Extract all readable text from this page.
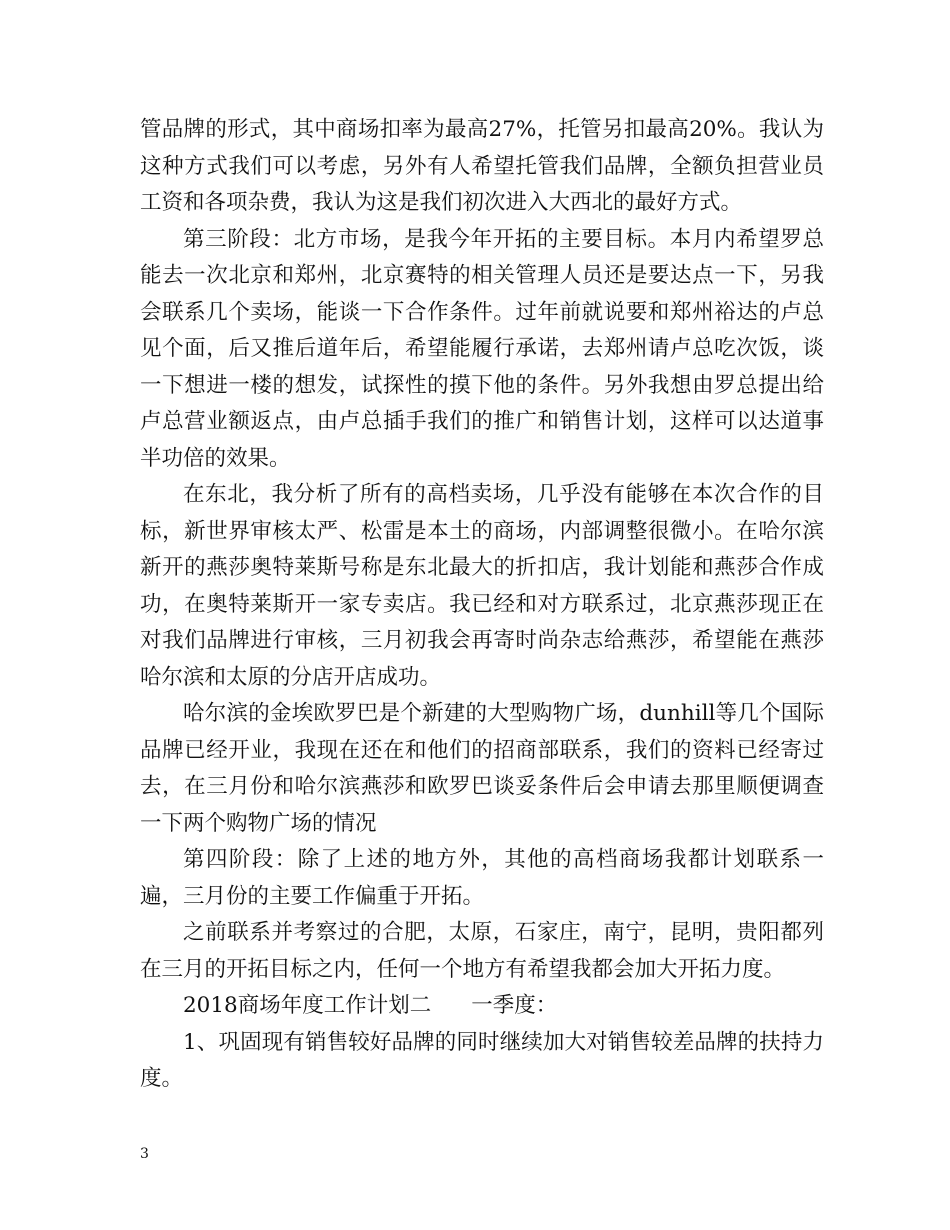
管品牌的形式，其中商场扣率为最高27%，托管另扣最高20%。我认为这种方式我们可以考虑，另外有人希望托管我们品牌，全额负担营业员工资和各项杂费，我认为这是我们初次进入大西北的最好方式。

第三阶段：北方市场，是我今年开拓的主要目标。本月内希望罗总能去一次北京和郑州，北京赛特的相关管理人员还是要达点一下，另我会联系几个卖场，能谈一下合作条件。过年前就说要和郑州裕达的卢总见个面，后又推后道年后，希望能履行承诺，去郑州请卢总吃次饭，谈一下想进一楼的想发，试探性的摸下他的条件。另外我想由罗总提出给卢总营业额返点，由卢总插手我们的推广和销售计划，这样可以达道事半功倍的效果。

在东北，我分析了所有的高档卖场，几乎没有能够在本次合作的目标，新世界审核太严、松雷是本土的商场，内部调整很微小。在哈尔滨新开的燕莎奥特莱斯号称是东北最大的折扣店，我计划能和燕莎合作成功，在奥特莱斯开一家专卖店。我已经和对方联系过，北京燕莎现正在对我们品牌进行审核，三月初我会再寄时尚杂志给燕莎，希望能在燕莎哈尔滨和太原的分店开店成功。

哈尔滨的金埃欧罗巴是个新建的大型购物广场，dunhill等几个国际品牌已经开业，我现在还在和他们的招商部联系，我们的资料已经寄过去，在三月份和哈尔滨燕莎和欧罗巴谈妥条件后会申请去那里顺便调查一下两个购物广场的情况

第四阶段：除了上述的地方外，其他的高档商场我都计划联系一遍，三月份的主要工作偏重于开拓。

之前联系并考察过的合肥，太原，石家庄，南宁，昆明，贵阳都列在三月的开拓目标之内，任何一个地方有希望我都会加大开拓力度。

2018商场年度工作计划二 一季度：

1、巩固现有销售较好品牌的同时继续加大对销售较差品牌的扶持力度。

3
